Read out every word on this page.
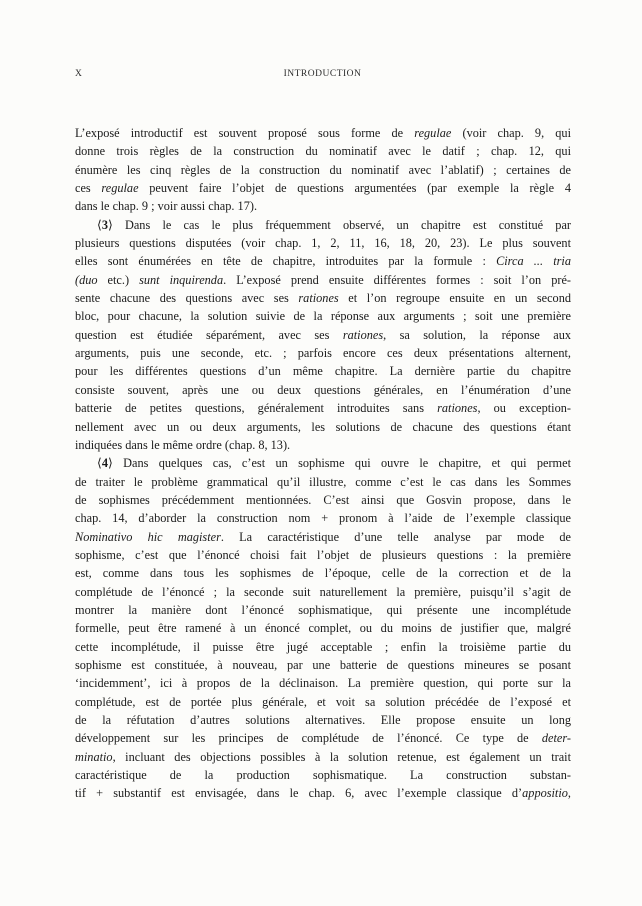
X	INTRODUCTION
L’exposé introductif est souvent proposé sous forme de regulae (voir chap. 9, qui
donne trois règles de la construction du nominatif avec le datif ; chap. 12, qui
énumère les cinq règles de la construction du nominatif avec l’ablatif) ; certaines de
ces regulae peuvent faire l’objet de questions argumentées (par exemple la règle 4
dans le chap. 9 ; voir aussi chap. 17).
⟨3⟩ Dans le cas le plus fréquemment observé, un chapitre est constitué par
plusieurs questions disputées (voir chap. 1, 2, 11, 16, 18, 20, 23). Le plus souvent
elles sont énumérées en tête de chapitre, introduites par la formule : Circa ... tria
(duo etc.) sunt inquirenda. L’exposé prend ensuite différentes formes : soit l’on pré-
sente chacune des questions avec ses rationes et l’on regroupe ensuite en un second
bloc, pour chacune, la solution suivie de la réponse aux arguments ; soit une première
question est étudiée séparément, avec ses rationes, sa solution, la réponse aux
arguments, puis une seconde, etc. ; parfois encore ces deux présentations alternent,
pour les différentes questions d’un même chapitre. La dernière partie du chapitre
consiste souvent, après une ou deux questions générales, en l’énumération d’une
batterie de petites questions, généralement introduites sans rationes, ou exception-
nellement avec un ou deux arguments, les solutions de chacune des questions étant
indiquées dans le même ordre (chap. 8, 13).
⟨4⟩ Dans quelques cas, c’est un sophisme qui ouvre le chapitre, et qui permet
de traiter le problème grammatical qu’il illustre, comme c’est le cas dans les Sommes
de sophismes précédemment mentionnées. C’est ainsi que Gosvin propose, dans le
chap. 14, d’aborder la construction nom + pronom à l’aide de l’exemple classique
Nominativo hic magister. La caractéristique d’une telle analyse par mode de
sophisme, c’est que l’énoncé choisi fait l’objet de plusieurs questions : la première
est, comme dans tous les sophismes de l’époque, celle de la correction et de la
complétude de l’énoncé ; la seconde suit naturellement la première, puisqu’il s’agit de
montrer la manière dont l’énoncé sophismatique, qui présente une incomplétude
formelle, peut être ramené à un énoncé complet, ou du moins de justifier que, malgré
cette incomplétude, il puisse être jugé acceptable ; enfin la troisième partie du
sophisme est constituée, à nouveau, par une batterie de questions mineures se posant
‘incidemment’, ici à propos de la déclinaison. La première question, qui porte sur la
complétude, est de portée plus générale, et voit sa solution précédée de l’exposé et
de la réfutation d’autres solutions alternatives. Elle propose ensuite un long
développement sur les principes de complétude de l’énoncé. Ce type de deter-
minatio, incluant des objections possibles à la solution retenue, est également un trait
caractéristique de la production sophismatique. La construction substan-
tif + substantif est envisagée, dans le chap. 6, avec l’exemple classique d’appositio,
